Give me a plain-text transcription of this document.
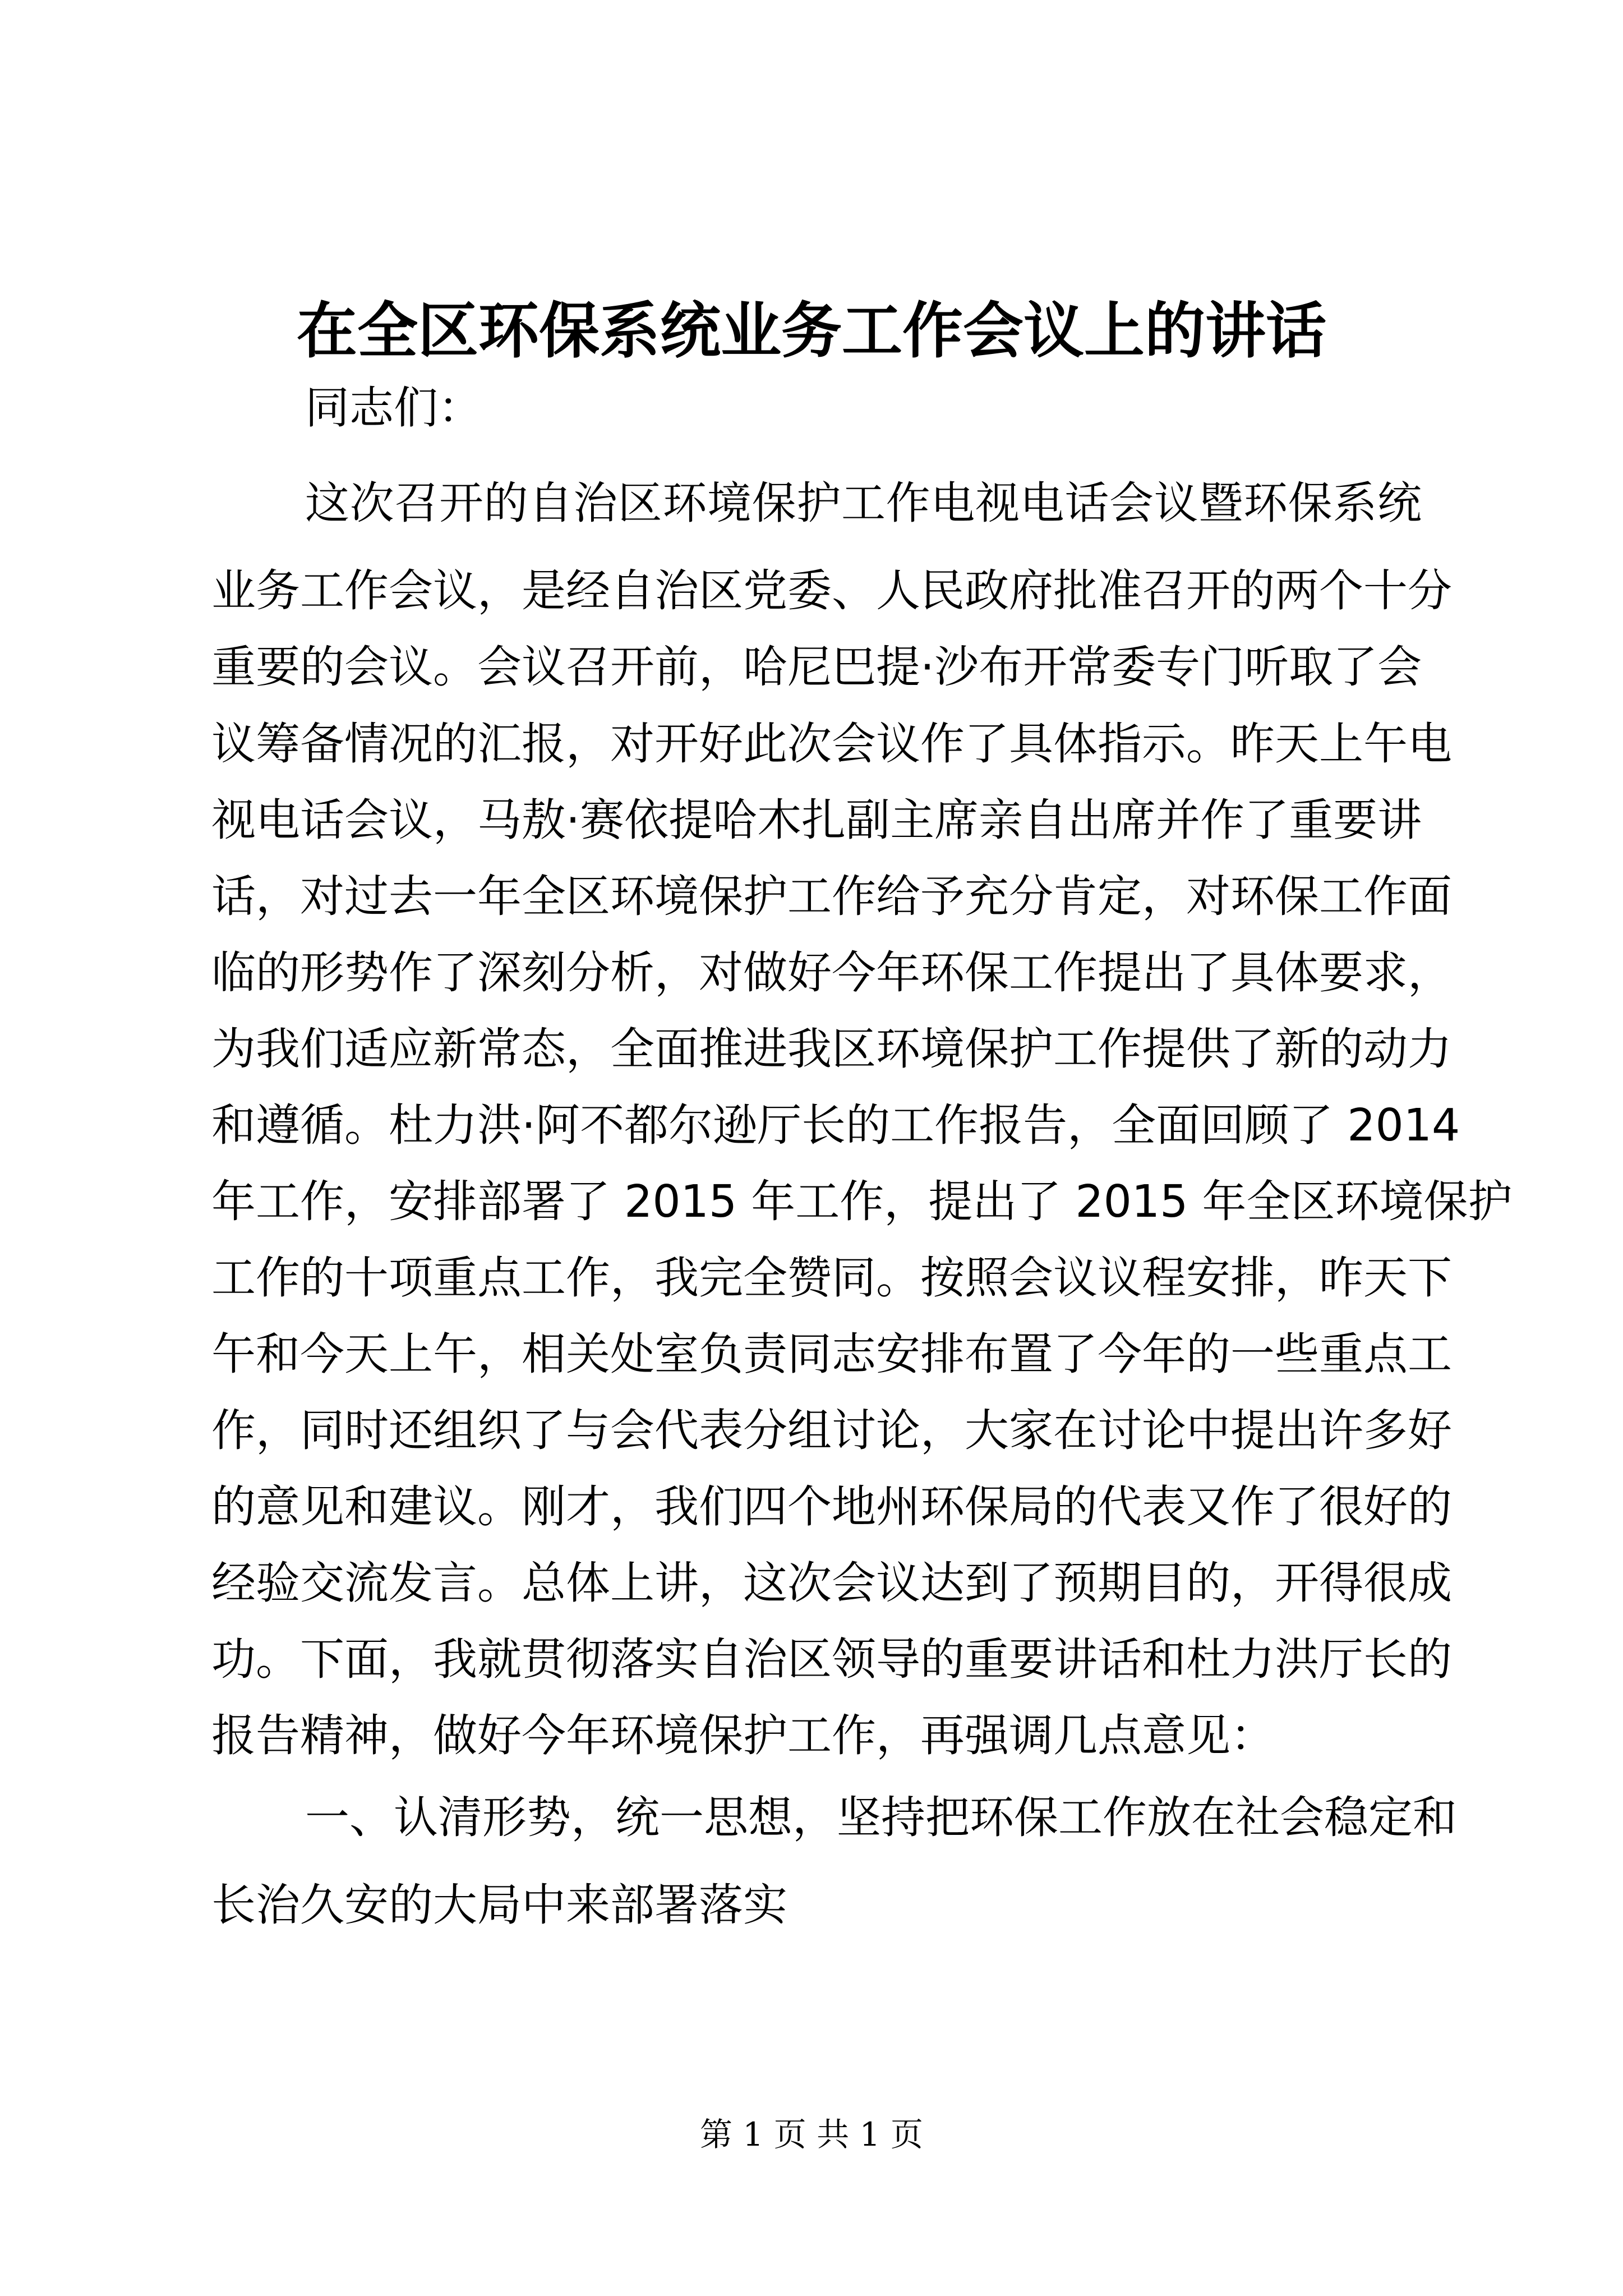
在全区环保系统业务工作会议上的讲话

同志们：

这次召开的自治区环境保护工作电视电话会议暨环保系统

业务工作会议，是经自治区党委、人民政府批准召开的两个十分

重要的会议。会议召开前，哈尼巴提·沙布开常委专门听取了会

议筹备情况的汇报，对开好此次会议作了具体指示。昨天上午电

视电话会议，马敖·赛依提哈木扎副主席亲自出席并作了重要讲

话，对过去一年全区环境保护工作给予充分肯定，对环保工作面

临的形势作了深刻分析，对做好今年环保工作提出了具体要求，

为我们适应新常态，全面推进我区环境保护工作提供了新的动力

和遵循。杜力洪·阿不都尔逊厅长的工作报告，全面回顾了 2014

年工作，安排部署了 2015 年工作，提出了 2015 年全区环境保护

工作的十项重点工作，我完全赞同。按照会议议程安排，昨天下

午和今天上午，相关处室负责同志安排布置了今年的一些重点工

作，同时还组织了与会代表分组讨论，大家在讨论中提出许多好

的意见和建议。刚才，我们四个地州环保局的代表又作了很好的

经验交流发言。总体上讲，这次会议达到了预期目的，开得很成

功。下面，我就贯彻落实自治区领导的重要讲话和杜力洪厅长的

报告精神，做好今年环境保护工作，再强调几点意见：

一、认清形势，统一思想，坚持把环保工作放在社会稳定和

长治久安的大局中来部署落实

第 1 页 共 1 页
